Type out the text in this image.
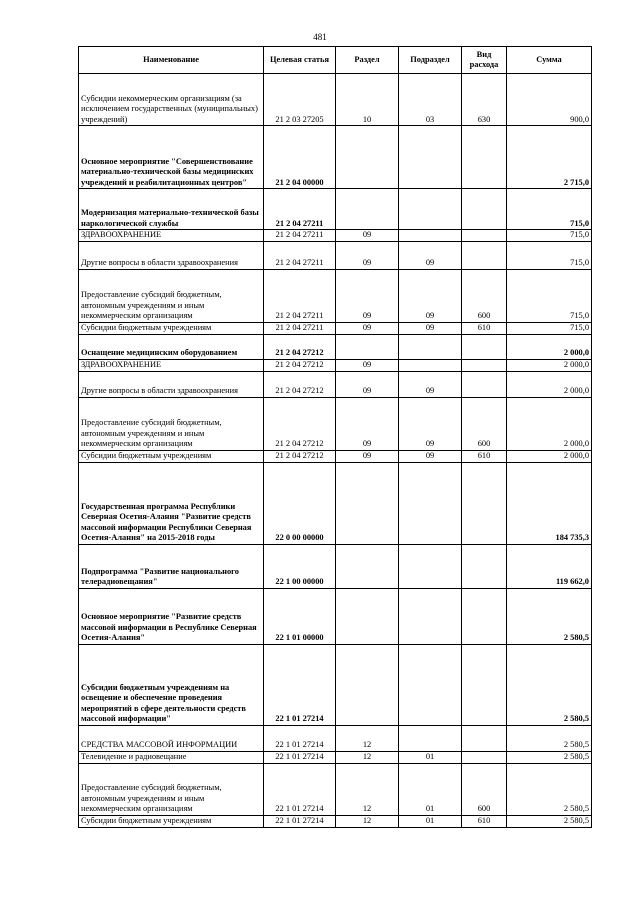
481
Наименование	Целевая статья	Раздел	Подраздел	Вид расхода	Сумма
Субсидии некоммерческим организациям (за исключением государственных (муниципальных) учреждений)	21 2 03 27205	10	03	630	900,0
Основное мероприятие "Совершенствование материально-технической базы медицинских учреждений и реабилитационных центров"	21 2 04 00000				2 715,0
Модернизация материально-технической базы наркологической службы	21 2 04 27211				715,0
ЗДРАВООХРАНЕНИЕ	21 2 04 27211	09			715,0
Другие вопросы в области здравоохранения	21 2 04 27211	09	09		715,0
Предоставление субсидий бюджетным, автономным учреждениям и иным некоммерческим организациям	21 2 04 27211	09	09	600	715,0
Субсидии бюджетным учреждениям	21 2 04 27211	09	09	610	715,0
Оснащение медицинским оборудованием	21 2 04 27212				2 000,0
ЗДРАВООХРАНЕНИЕ	21 2 04 27212	09			2 000,0
Другие вопросы в области здравоохранения	21 2 04 27212	09	09		2 000,0
Предоставление субсидий бюджетным, автономным учреждениям и иным некоммерческим организациям	21 2 04 27212	09	09	600	2 000,0
Субсидии бюджетным учреждениям	21 2 04 27212	09	09	610	2 000,0
Государственная программа Республики Северная Осетия-Алания "Развитие средств массовой информации Республики Северная Осетия-Алания" на 2015-2018 годы	22 0 00 00000				184 735,3
Подпрограмма "Развитие национального телерадиовещания"	22 1 00 00000				119 662,0
Основное мероприятие "Развитие средств массовой информации в Республике Северная Осетия-Алания"	22 1 01 00000				2 580,5
Субсидии бюджетным учреждениям на освещение и обеспечение проведения мероприятий в сфере деятельности средств массовой информации"	22 1 01 27214				2 580,5
СРЕДСТВА МАССОВОЙ ИНФОРМАЦИИ	22 1 01 27214	12			2 580,5
Телевидение и радиовещание	22 1 01 27214	12	01		2 580,5
Предоставление субсидий бюджетным, автономным учреждениям и иным некоммерческим организациям	22 1 01 27214	12	01	600	2 580,5
Субсидии бюджетным учреждениям	22 1 01 27214	12	01	610	2 580,5
